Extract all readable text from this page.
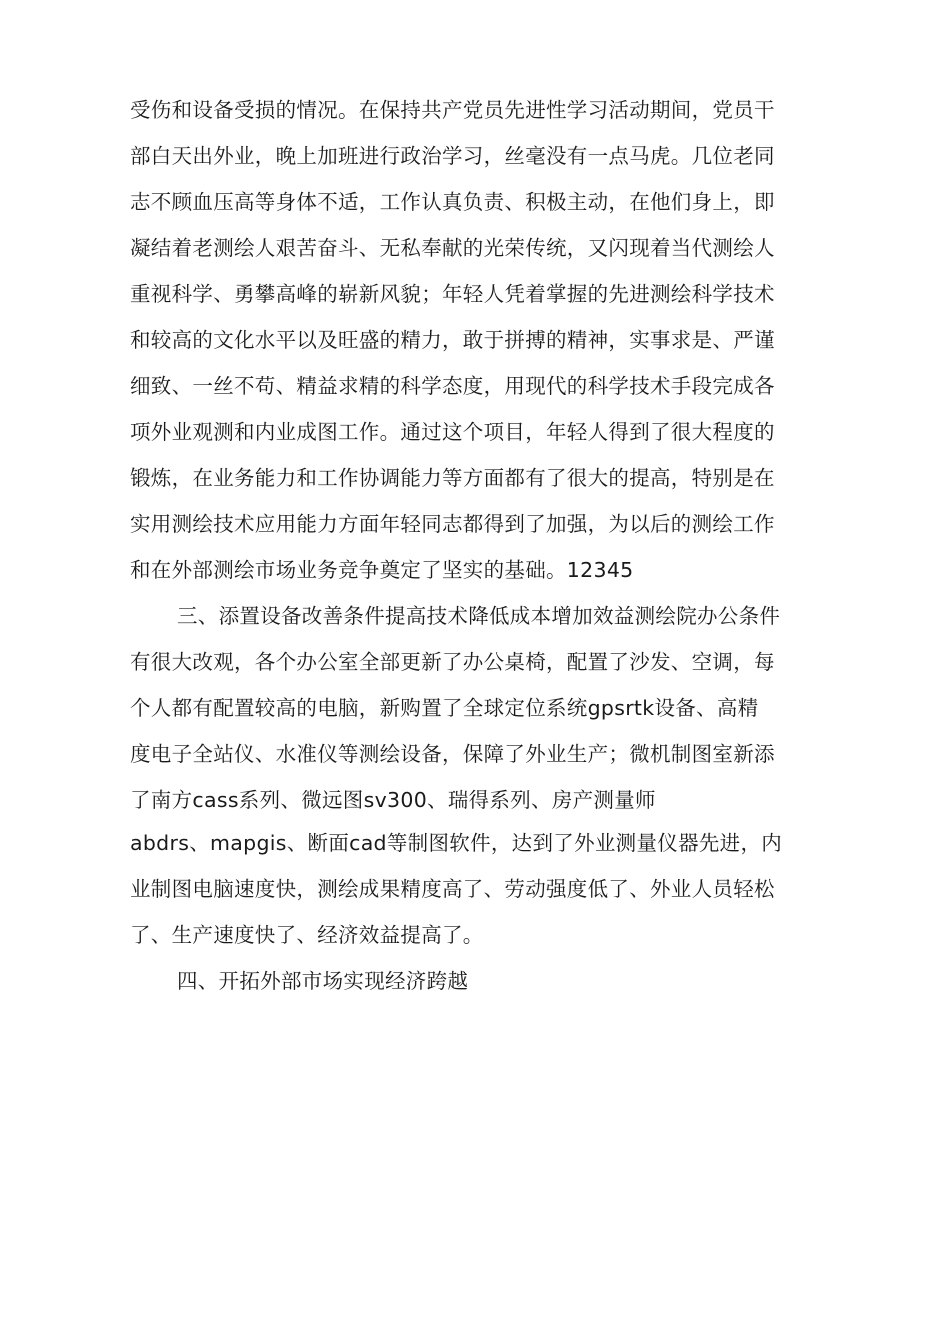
受伤和设备受损的情况。在保持共产党员先进性学习活动期间，党员干
部白天出外业，晚上加班进行政治学习，丝毫没有一点马虎。几位老同
志不顾血压高等身体不适，工作认真负责、积极主动，在他们身上，即
凝结着老测绘人艰苦奋斗、无私奉献的光荣传统，又闪现着当代测绘人
重视科学、勇攀高峰的崭新风貌；年轻人凭着掌握的先进测绘科学技术
和较高的文化水平以及旺盛的精力，敢于拼搏的精神，实事求是、严谨
细致、一丝不苟、精益求精的科学态度，用现代的科学技术手段完成各
项外业观测和内业成图工作。通过这个项目，年轻人得到了很大程度的
锻炼，在业务能力和工作协调能力等方面都有了很大的提高，特别是在
实用测绘技术应用能力方面年轻同志都得到了加强，为以后的测绘工作
和在外部测绘市场业务竞争奠定了坚实的基础。12345
三、添置设备改善条件提高技术降低成本增加效益测绘院办公条件
有很大改观，各个办公室全部更新了办公桌椅，配置了沙发、空调，每
个人都有配置较高的电脑，新购置了全球定位系统gpsrtk设备、高精
度电子全站仪、水准仪等测绘设备，保障了外业生产；微机制图室新添
了南方cass系列、微远图sv300、瑞得系列、房产测量师
abdrs、mapgis、断面cad等制图软件，达到了外业测量仪器先进，内
业制图电脑速度快，测绘成果精度高了、劳动强度低了、外业人员轻松
了、生产速度快了、经济效益提高了。
四、开拓外部市场实现经济跨越
